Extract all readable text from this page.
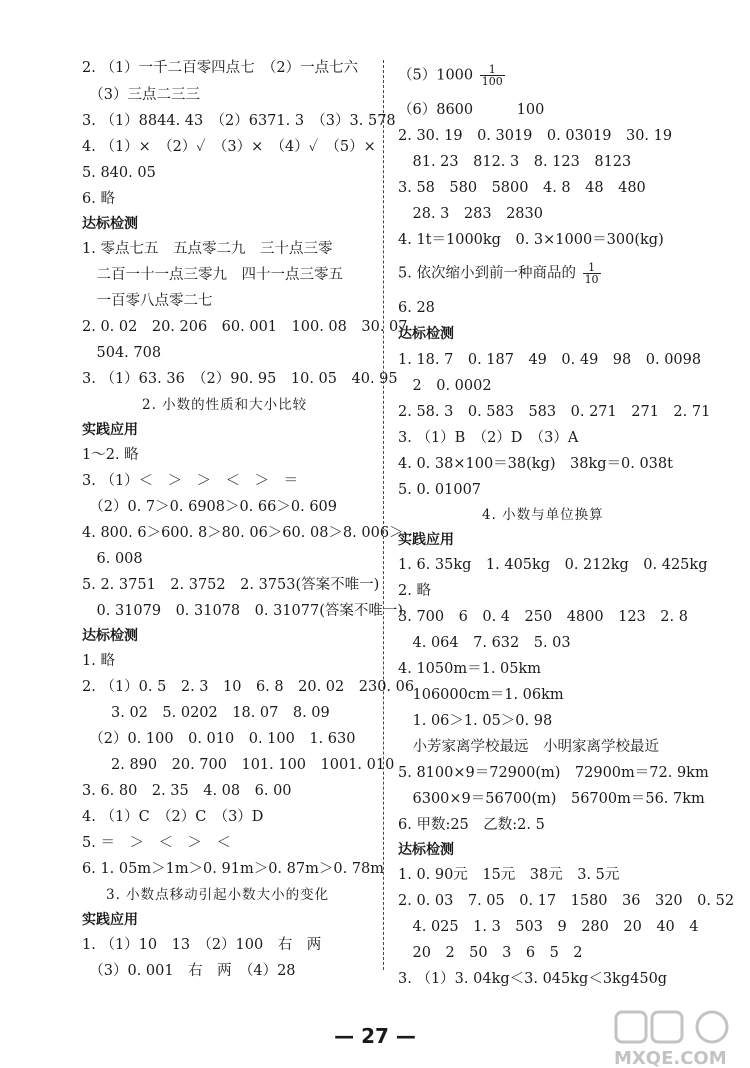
2. （1）一千二百零四点七　（2）一点七六
　（3）三点二三三
3. （1）8844. 43　（2）6371. 3　（3）3. 578
4. （1）×　（2）✓　（3）×　（4）✓　（5）×
5. 840. 05
6. 略
达标检测
1. 零点七五　五点零二九　三十点三零
　二百一十一点三零九　四十一点三零五
　一百零八点零二七
2. 0. 02　20. 206　60. 001　100. 08　30. 07
　504. 708
3. （1）63. 36　（2）90. 95　10. 05　40. 95
2. 小数的性质和大小比较
实践应用
1～2. 略
3. （1）＜　＞　＞　＜　＞　＝
　（2）0. 7＞0. 6908＞0. 66＞0. 609
4. 800. 6＞600. 8＞80. 06＞60. 08＞8. 006＞
　6. 008
5. 2. 3751　2. 3752　2. 3753(答案不唯一)
　0. 31079　0. 31078　0. 31077(答案不唯一)
达标检测
1. 略
2. （1）0. 5　2. 3　10　6. 8　20. 02　230. 06
　　3. 02　5. 0202　18. 07　8. 09
　（2）0. 100　0. 010　0. 100　1. 630
　　2. 890　20. 700　101. 100　1001. 010
3. 6. 80　2. 35　4. 08　6. 00
4. （1）C　（2）C　（3）D
5. ＝　＞　＜　＞　＜
6. 1. 05m＞1m＞0. 91m＞0. 87m＞0. 78m
3. 小数点移动引起小数大小的变化
实践应用
1. （1）10　13　（2）100　右　两
　（3）0. 001　右　两　（4）28
$(5)1000 \frac{1}{100}$
（6）8600　　　100
2. 30. 19　0. 3019　0. 03019　30. 19
　81. 23　812. 3　8. 123　8123
3. 58　580　5800　4. 8　48　480
　28. 3　283　2830
4. 1t＝1000kg　0. 3×1000＝300(kg)
5. 依次缩小到前一种商品的 $\frac{1}{10}$
6. 28
达标检测
1. 18. 7　0. 187　49　0. 49　98　0. 0098
　2　0. 0002
2. 58. 3　0. 583　583　0. 271　271　2. 71
3. （1）B　（2）D　（3）A
4. 0. 38×100＝38(kg)　38kg＝0. 038t
5. 0. 01007
4. 小数与单位换算
实践应用
1. 6. 35kg　1. 405kg　0. 212kg　0. 425kg
2. 略
3. 700　6　0. 4　250　4800　123　2. 8
　4. 064　7. 632　5. 03
4. 1050m＝1. 05km
　106000cm＝1. 06km
　1. 06＞1. 05＞0. 98
　小芳家离学校最远　小明家离学校最近
5. 8100×9＝72900(m)　72900m＝72. 9km
　6300×9＝56700(m)　56700m＝56. 7km
6. 甲数:25　乙数:2. 5
达标检测
1. 0. 90元　15元　38元　3. 5元
2. 0. 03　7. 05　0. 17　1580　36　320　0. 52
　4. 025　1. 3　503　9　280　20　40　4
　20　2　50　3　6　5　2
3. （1）3. 04kg＜3. 045kg＜3kg450g
— 27 —
MXQE.COM
